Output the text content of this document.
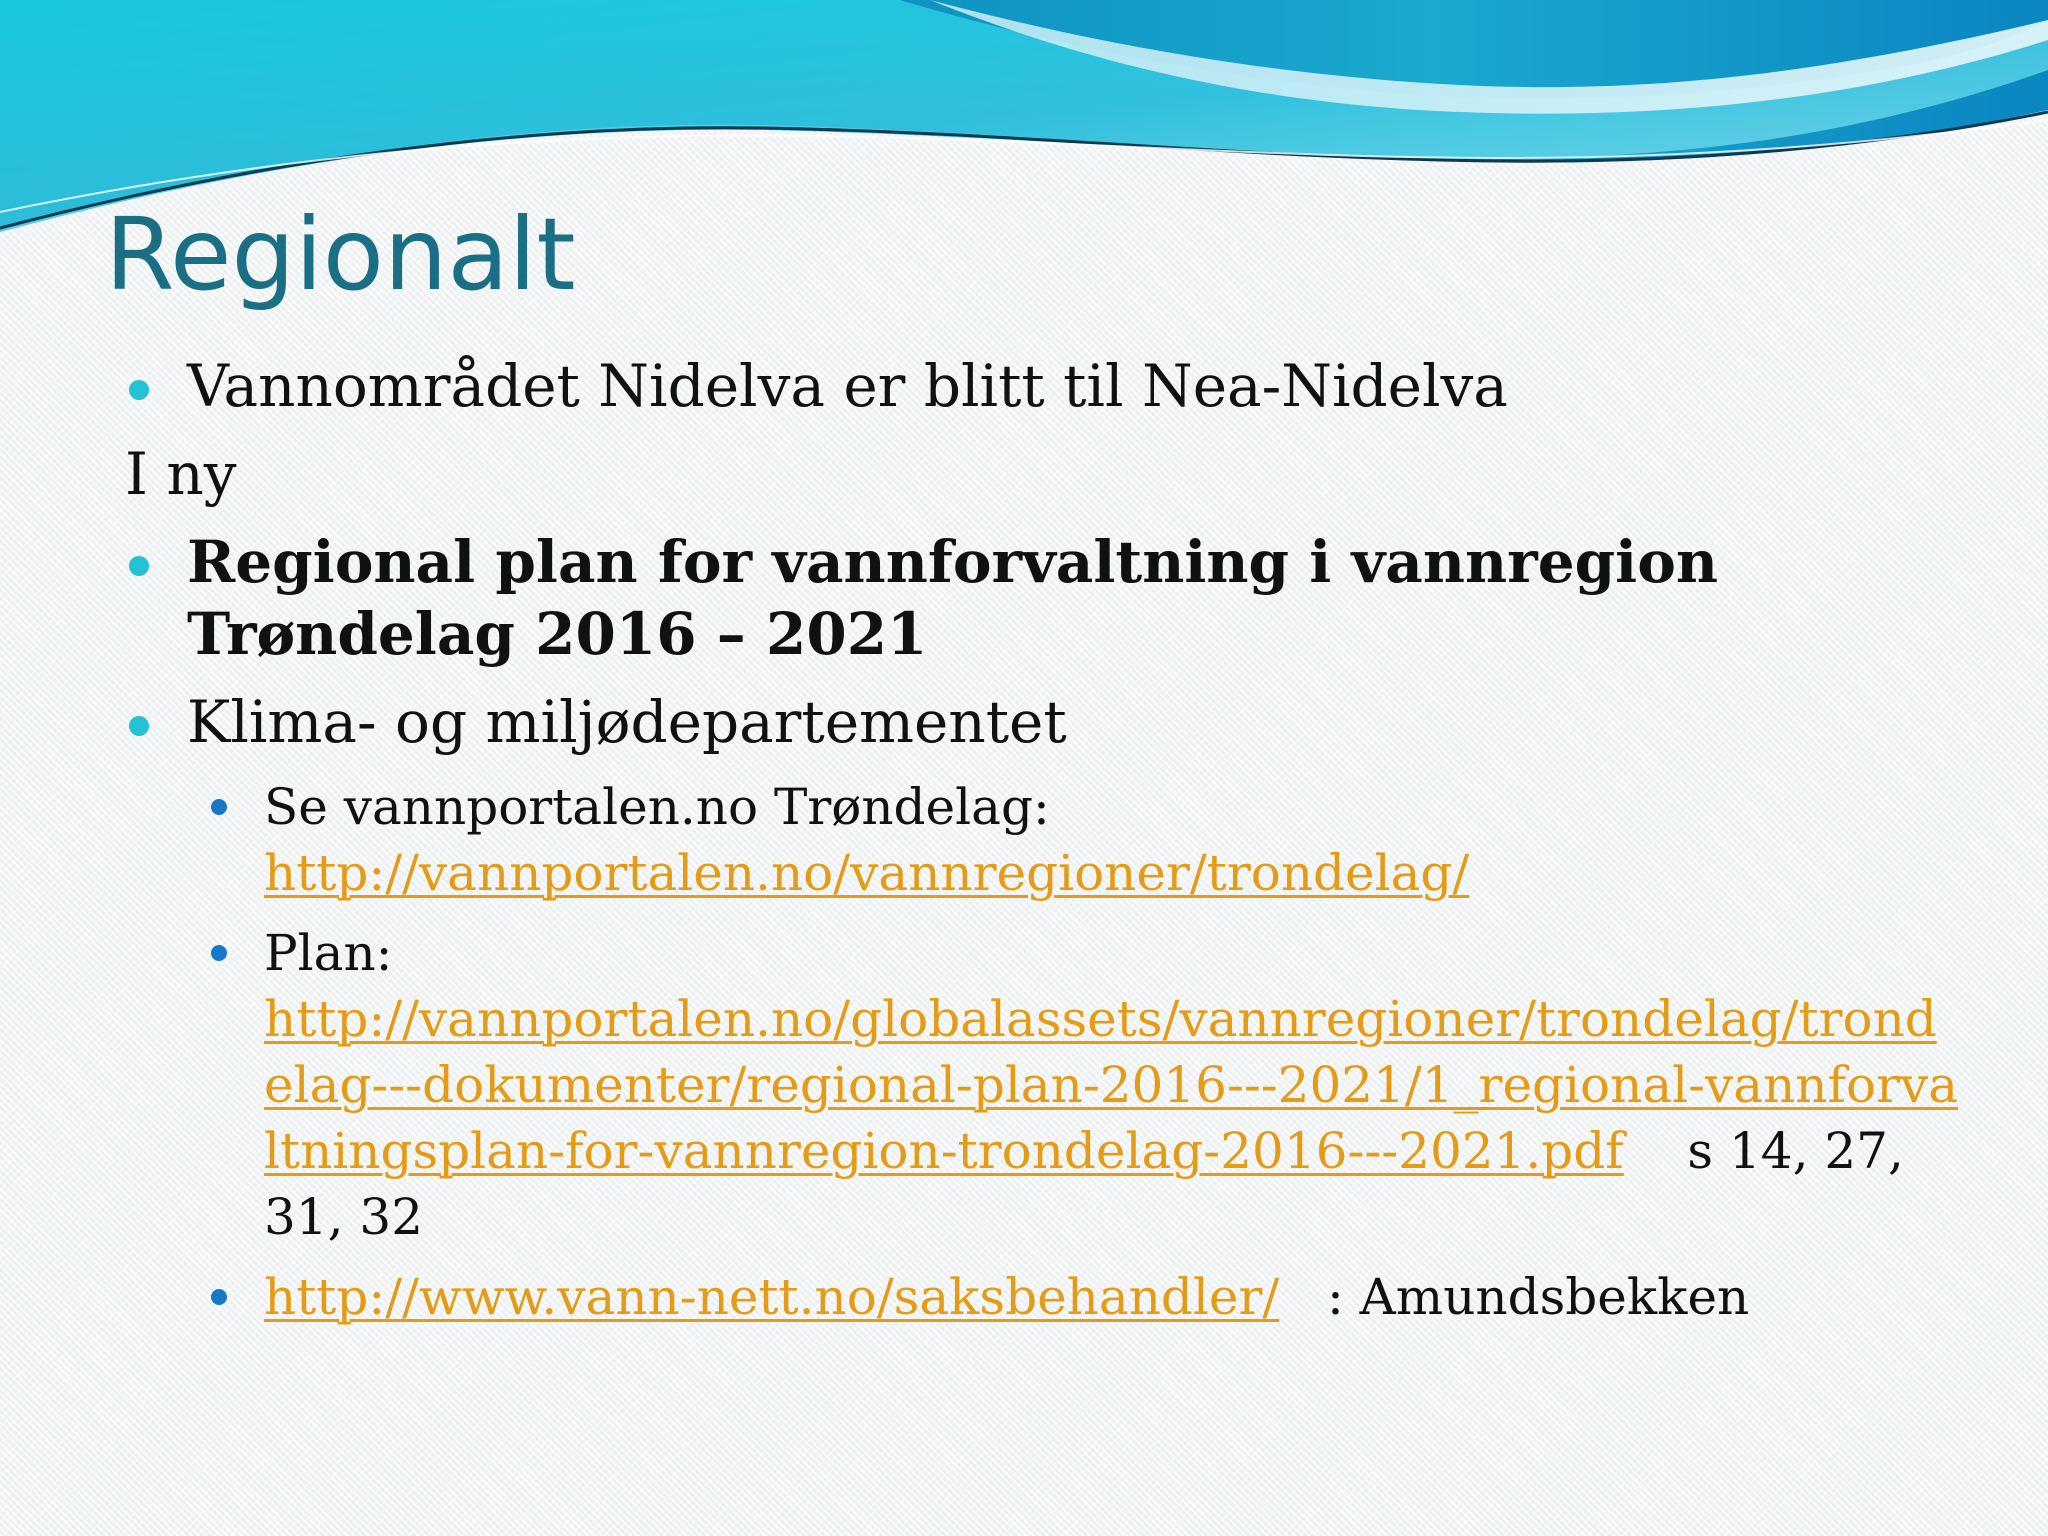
Regionalt
Vannområdet Nidelva er blitt til Nea-Nidelva
I ny
Regional plan for vannforvaltning i vannregion Trøndelag 2016 – 2021
Klima- og miljødepartementet
Se vannportalen.no Trøndelag:
http://vannportalen.no/vannregioner/trondelag/
Plan:
http://vannportalen.no/globalassets/vannregioner/trondelag/trondelag---dokumenter/regional-plan-2016---2021/1_regional-vannforvaltningsplan-for-vannregion-trondelag-2016---2021.pdf s 14, 27, 31, 32
http://www.vann-nett.no/saksbehandler/ : Amundsbekken
